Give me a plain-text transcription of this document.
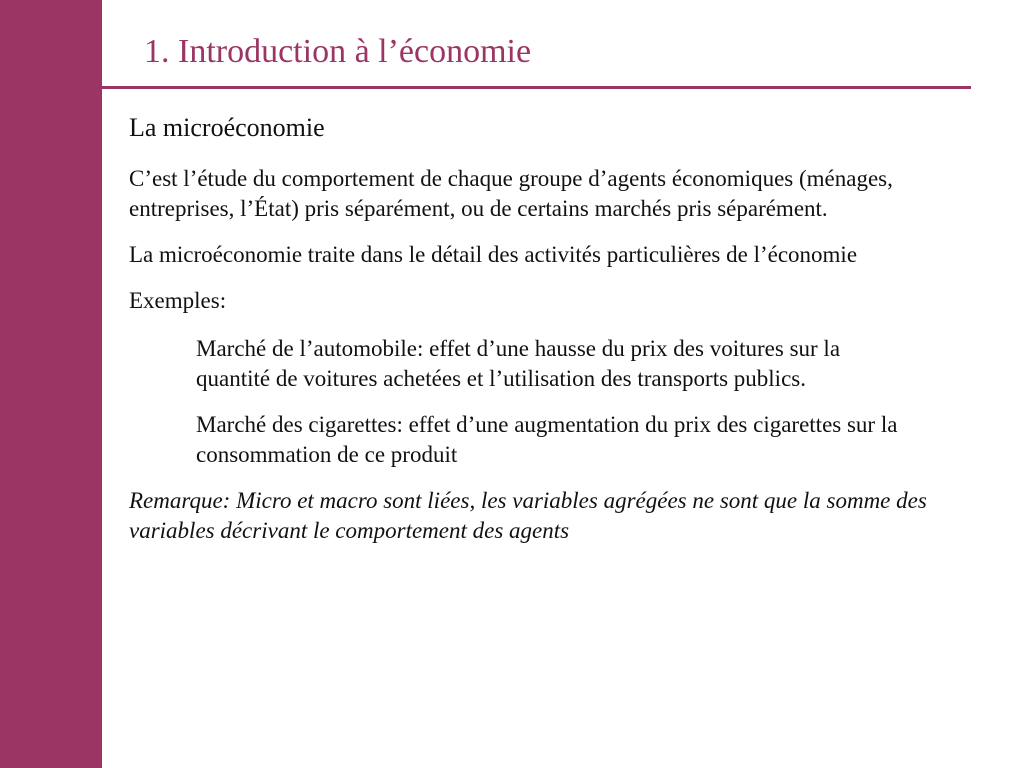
1. Introduction à l’économie
La microéconomie

C’est l’étude du comportement de chaque groupe d’agents économiques (ménages, entreprises, l’État) pris séparément, ou de certains marchés pris séparément.

La microéconomie traite dans le détail des activités particulières de l’économie

Exemples:

Marché de l’automobile: effet d’une hausse du prix des voitures sur la quantité de voitures achetées et l’utilisation des transports publics.

Marché des cigarettes: effet d’une augmentation du prix des cigarettes sur la consommation de ce produit

Remarque: Micro et macro sont liées, les variables agrégées ne sont que la somme des variables décrivant le comportement des agents
